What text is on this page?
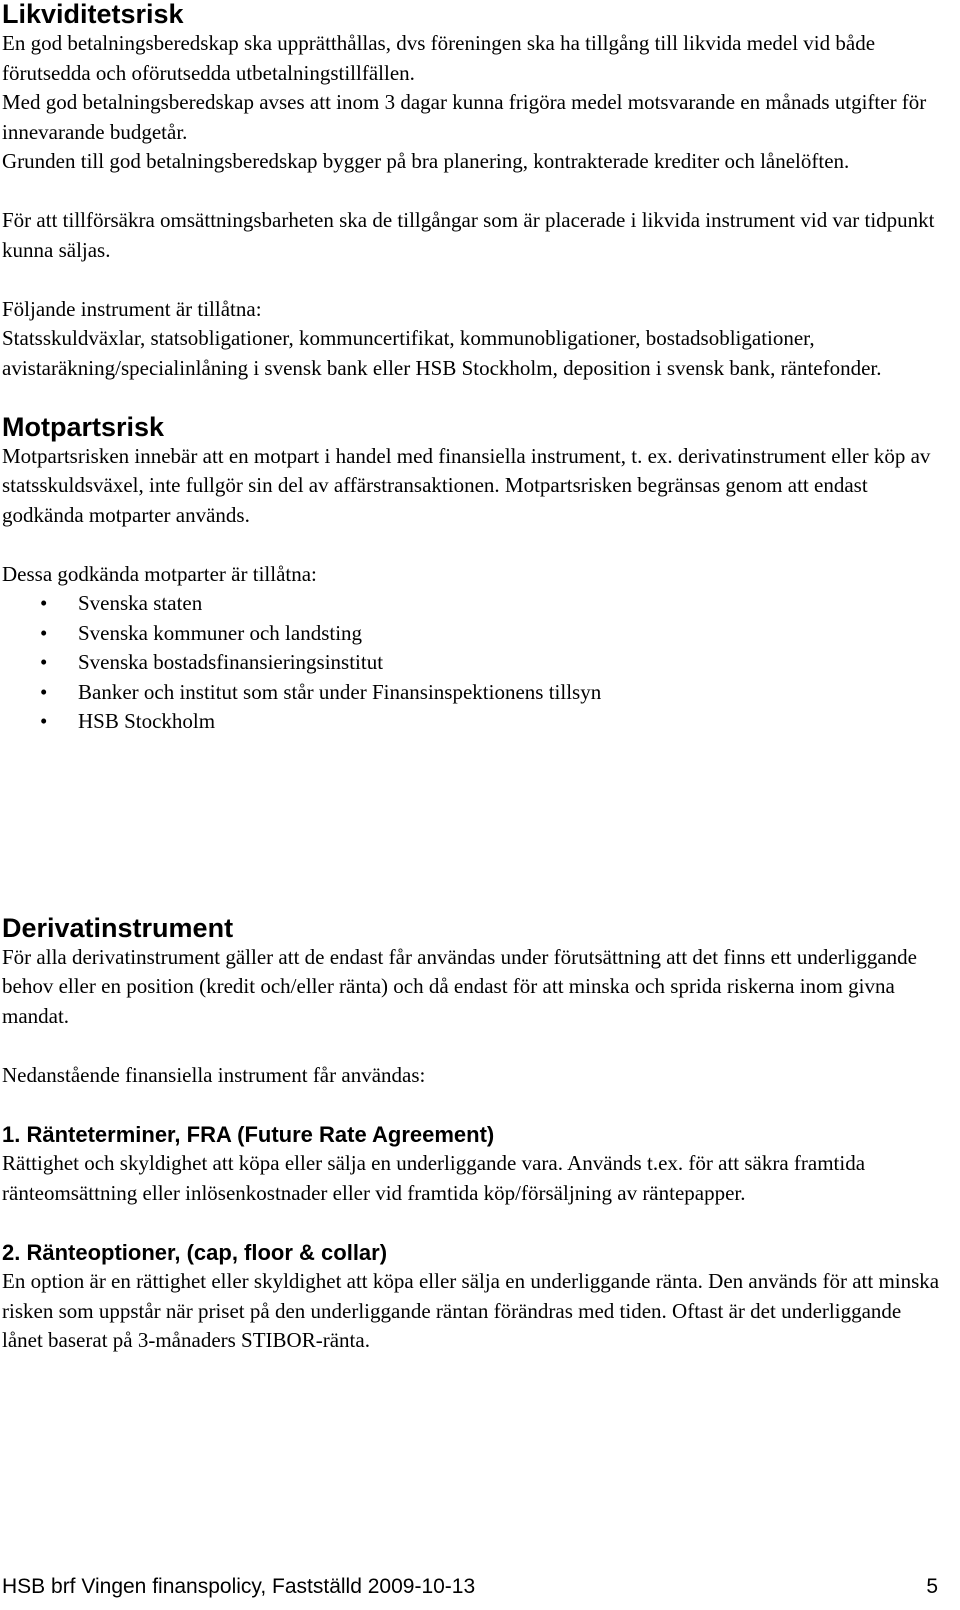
Likviditetsrisk

En god betalningsberedskap ska upprätthållas, dvs föreningen ska ha tillgång till likvida medel vid både förutsedda och oförutsedda utbetalningstillfällen.

Med god betalningsberedskap avses att inom 3 dagar kunna frigöra medel motsvarande en månads utgifter för innevarande budgetår.

Grunden till god betalningsberedskap bygger på bra planering, kontrakterade krediter och lånelöften.

För att tillförsäkra omsättningsbarheten ska de tillgångar som är placerade i likvida instrument vid var tidpunkt kunna säljas.

Följande instrument är tillåtna:

Statsskuldväxlar, statsobligationer, kommuncertifikat, kommunobligationer, bostadsobligationer, avistaräkning/specialinlåning i svensk bank eller HSB Stockholm, deposition i svensk bank, räntefonder.

Motpartsrisk

Motpartsrisken innebär att en motpart i handel med finansiella instrument, t. ex. derivatinstrument eller köp av statsskuldsväxel, inte fullgör sin del av affärstransaktionen. Motpartsrisken begränsas genom att endast godkända motparter används.

Dessa godkända motparter är tillåtna:

• Svenska staten
• Svenska kommuner och landsting
• Svenska bostadsfinansieringsinstitut
• Banker och institut som står under Finansinspektionens tillsyn
• HSB Stockholm
Derivatinstrument

För alla derivatinstrument gäller att de endast får användas under förutsättning att det finns ett underliggande behov eller en position (kredit och/eller ränta) och då endast för att minska och sprida riskerna inom givna mandat.

Nedanstående finansiella instrument får användas:

1. Ränteterminer, FRA (Future Rate Agreement)

Rättighet och skyldighet att köpa eller sälja en underliggande vara. Används t.ex. för att säkra framtida ränteomsättning eller inlösenkostnader eller vid framtida köp/försäljning av räntepapper.

2. Ränteoptioner, (cap, floor & collar)

En option är en rättighet eller skyldighet att köpa eller sälja en underliggande ränta. Den används för att minska risken som uppstår när priset på den underliggande räntan förändras med tiden. Oftast är det underliggande lånet baserat på 3-månaders STIBOR-ränta.

HSB brf Vingen finanspolicy, Fastställd 2009-10-13	5
